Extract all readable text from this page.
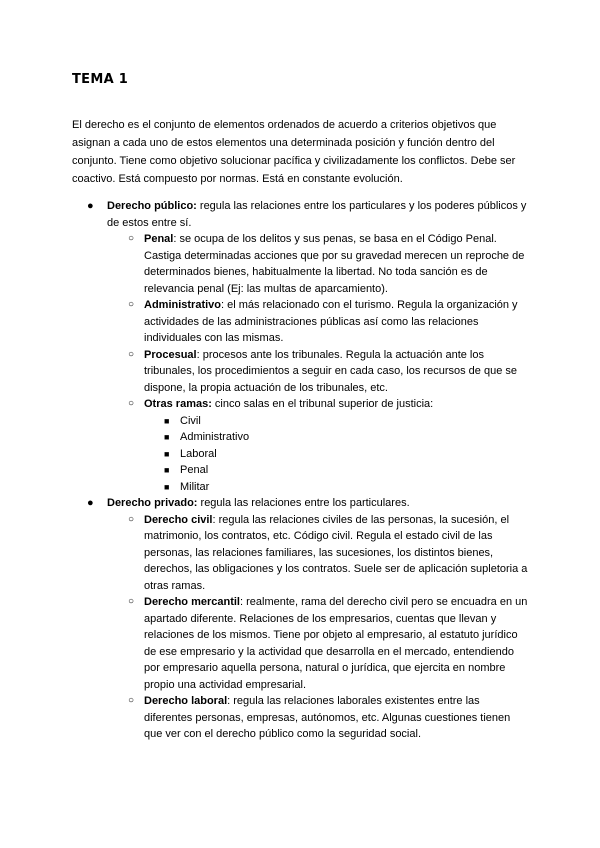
TEMA 1

El derecho es el conjunto de elementos ordenados de acuerdo a criterios objetivos que asignan a cada uno de estos elementos una determinada posición y función dentro del conjunto. Tiene como objetivo solucionar pacífica y civilizadamente los conflictos. Debe ser coactivo. Está compuesto por normas. Está en constante evolución.

● Derecho público: regula las relaciones entre los particulares y los poderes públicos y de estos entre sí.
○ Penal: se ocupa de los delitos y sus penas, se basa en el Código Penal. Castiga determinadas acciones que por su gravedad merecen un reproche de determinados bienes, habitualmente la libertad. No toda sanción es de relevancia penal (Ej: las multas de aparcamiento).
○ Administrativo: el más relacionado con el turismo. Regula la organización y actividades de las administraciones públicas así como las relaciones individuales con las mismas.
○ Procesual: procesos ante los tribunales. Regula la actuación ante los tribunales, los procedimientos a seguir en cada caso, los recursos de que se dispone, la propia actuación de los tribunales, etc.
○ Otras ramas: cinco salas en el tribunal superior de justicia:
■ Civil
■ Administrativo
■ Laboral
■ Penal
■ Militar
● Derecho privado: regula las relaciones entre los particulares.
○ Derecho civil: regula las relaciones civiles de las personas, la sucesión, el matrimonio, los contratos, etc. Código civil. Regula el estado civil de las personas, las relaciones familiares, las sucesiones, los distintos bienes, derechos, las obligaciones y los contratos. Suele ser de aplicación supletoria a otras ramas.
○ Derecho mercantil: realmente, rama del derecho civil pero se encuadra en un apartado diferente. Relaciones de los empresarios, cuentas que llevan y relaciones de los mismos. Tiene por objeto al empresario, al estatuto jurídico de ese empresario y la actividad que desarrolla en el mercado, entendiendo por empresario aquella persona, natural o jurídica, que ejercita en nombre propio una actividad empresarial.
○ Derecho laboral: regula las relaciones laborales existentes entre las diferentes personas, empresas, autónomos, etc. Algunas cuestiones tienen que ver con el derecho público como la seguridad social.
